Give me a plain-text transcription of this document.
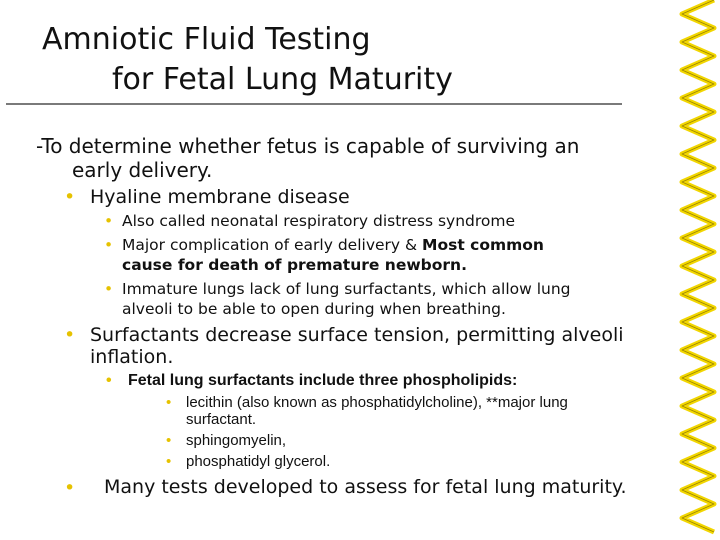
Amniotic Fluid Testing
for Fetal Lung Maturity
-To determine whether fetus is capable of surviving an
early delivery.
• Hyaline membrane disease
• Also called neonatal respiratory distress syndrome
• Major complication of early delivery & Most common
cause for death of premature newborn.
• Immature lungs lack of lung surfactants, which allow lung
alveoli to be able to open during when breathing.
• Surfactants decrease surface tension, permitting alveoli
inflation.
• Fetal lung surfactants include three phospholipids:
• lecithin (also known as phosphatidylcholine), **major lung
surfactant.
• sphingomyelin,
• phosphatidyl glycerol.
• Many tests developed to assess for fetal lung maturity.
